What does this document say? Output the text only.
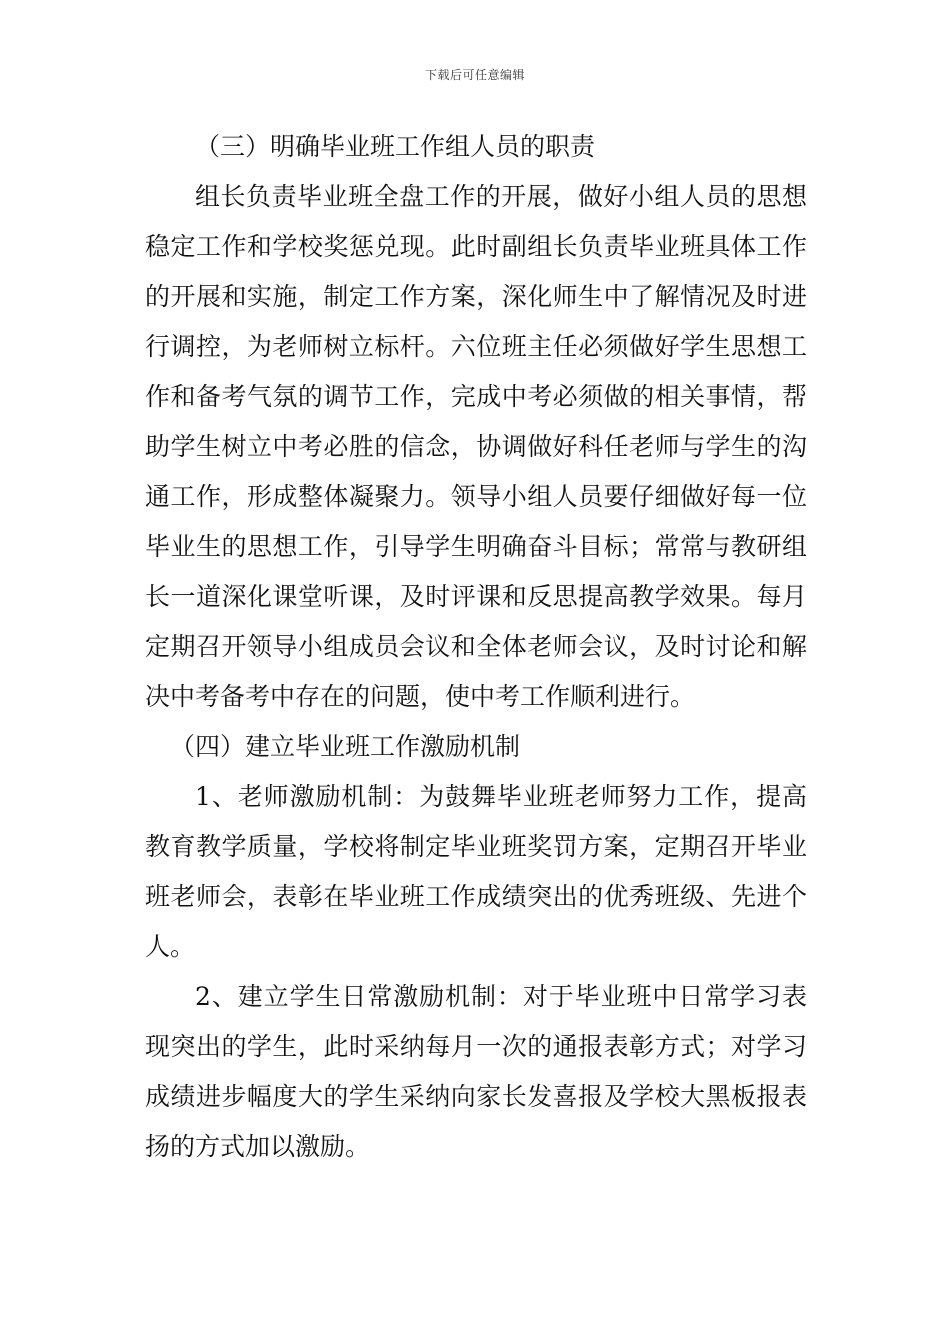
下载后可任意编辑
（三）明确毕业班工作组人员的职责

组长负责毕业班全盘工作的开展，做好小组人员的思想稳定工作和学校奖惩兑现。此时副组长负责毕业班具体工作的开展和实施，制定工作方案，深化师生中了解情况及时进行调控，为老师树立标杆。六位班主任必须做好学生思想工作和备考气氛的调节工作，完成中考必须做的相关事情，帮助学生树立中考必胜的信念，协调做好科任老师与学生的沟通工作，形成整体凝聚力。领导小组人员要仔细做好每一位毕业生的思想工作，引导学生明确奋斗目标；常常与教研组长一道深化课堂听课，及时评课和反思提高教学效果。每月定期召开领导小组成员会议和全体老师会议，及时讨论和解决中考备考中存在的问题，使中考工作顺利进行。

（四）建立毕业班工作激励机制

1、老师激励机制：为鼓舞毕业班老师努力工作，提高教育教学质量，学校将制定毕业班奖罚方案，定期召开毕业班老师会，表彰在毕业班工作成绩突出的优秀班级、先进个人。

2、建立学生日常激励机制：对于毕业班中日常学习表现突出的学生，此时采纳每月一次的通报表彰方式；对学习成绩进步幅度大的学生采纳向家长发喜报及学校大黑板报表扬的方式加以激励。
